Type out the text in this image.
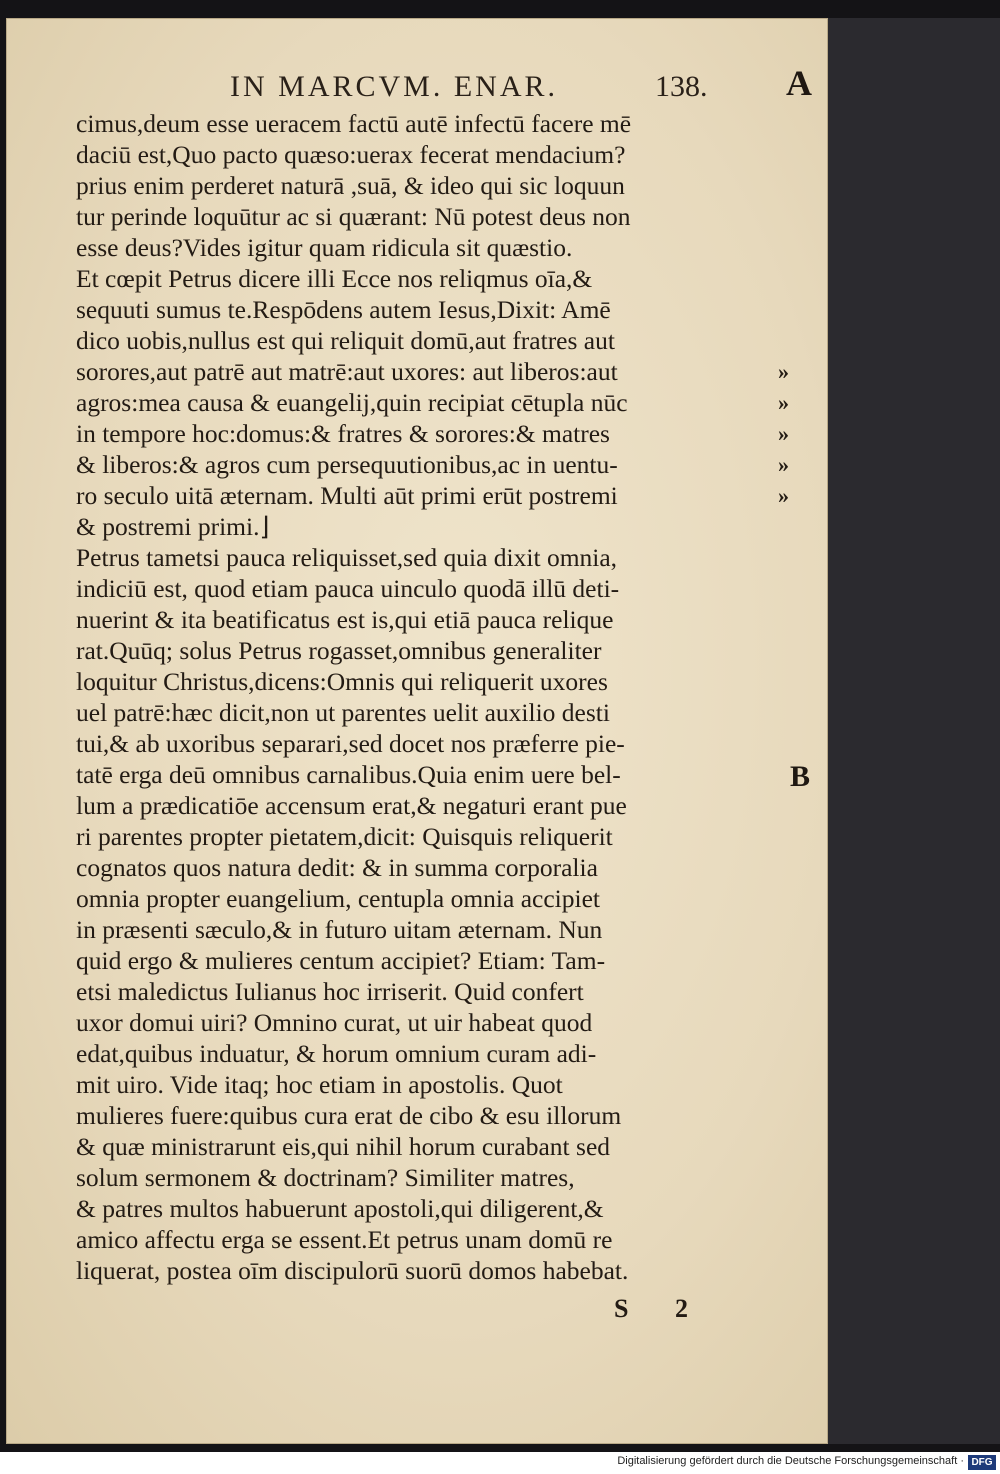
IN MARCVM. ENAR.	138. A
B
cimus,deum esse ueracem factū autē infectū facere mē
daciū est,Quo pacto quæso:uerax fecerat mendacium?
prius enim perderet naturā ,suā, & ideo qui sic loquun
tur perinde loquūtur ac si quærant: Nū potest deus non
esse deus?Vides igitur quam ridicula sit quæstio.
Et cœpit Petrus dicere illi Ecce nos reliqmus oīa,&
sequuti sumus te.Respōdens autem Iesus,Dixit: Amē
dico uobis,nullus est qui reliquit domū,aut fratres aut
sorores,aut patrē aut matrē:aut uxores: aut liberos:aut
agros:mea causa & euangelij,quin recipiat cētupla nūc
in tempore hoc:domus:& fratres & sorores:& matres
& liberos:& agros cum persequutionibus,ac in uentu-
ro seculo uitā æternam. Multi aūt primi erūt postremi
& postremi primi.⌋
Petrus tametsi pauca reliquisset,sed quia dixit omnia,
indiciū est, quod etiam pauca uinculo quodā illū deti-
nuerint & ita beatificatus est is,qui etiā pauca relique
rat.Quūq; solus Petrus rogasset,omnibus generaliter
loquitur Christus,dicens:Omnis qui reliquerit uxores
uel patrē:hæc dicit,non ut parentes uelit auxilio desti
tui,& ab uxoribus separari,sed docet nos præferre pie-
tatē erga deū omnibus carnalibus.Quia enim uere bel-
lum a prædicatiōe accensum erat,& negaturi erant pue
ri parentes propter pietatem,dicit: Quisquis reliquerit
cognatos quos natura dedit: & in summa corporalia
omnia propter euangelium, centupla omnia accipiet
in præsenti sæculo,& in futuro uitam æternam. Nun
quid ergo & mulieres centum accipiet? Etiam: Tam-
etsi maledictus Iulianus hoc irriserit. Quid confert
uxor domui uiri? Omnino curat, ut uir habeat quod
edat,quibus induatur, & horum omnium curam adi-
mit uiro. Vide itaq; hoc etiam in apostolis. Quot
mulieres fuere:quibus cura erat de cibo & esu illorum
& quæ ministrarunt eis,qui nihil horum curabant sed
solum sermonem & doctrinam? Similiter matres,
& patres multos habuerunt apostoli,qui diligerent,&
amico affectu erga se essent.Et petrus unam domū re
liquerat, postea oīm discipulorū suorū domos habebat.
»
»
»
»
»
S 2
Digitalisierung gefördert durch die Deutsche Forschungsgemeinschaft · DFG
